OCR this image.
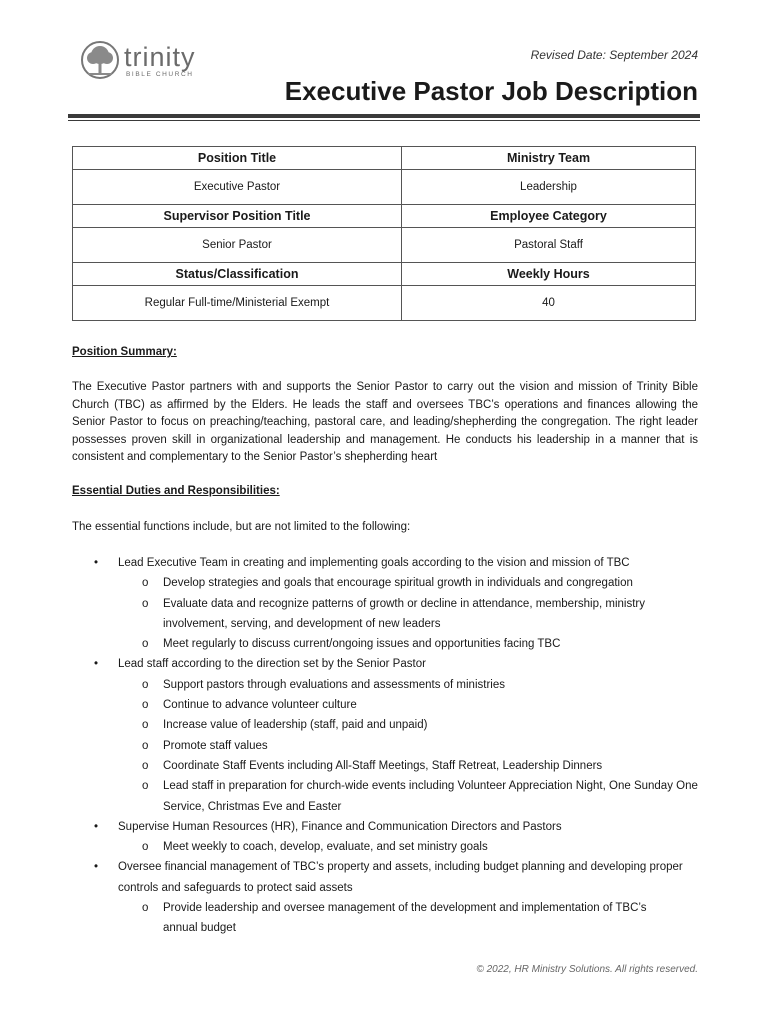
trinity
BIBLE CHURCH
Revised Date: September 2024
Executive Pastor Job Description
Position Title	Ministry Team
Executive Pastor	Leadership
Supervisor Position Title	Employee Category
Senior Pastor	Pastoral Staff
Status/Classification	Weekly Hours
Regular Full-time/Ministerial Exempt	40
Position Summary:
The Executive Pastor partners with and supports the Senior Pastor to carry out the vision and mission of Trinity Bible Church (TBC) as affirmed by the Elders. He leads the staff and oversees TBC’s operations and finances allowing the Senior Pastor to focus on preaching/teaching, pastoral care, and leading/shepherding the congregation. The right leader possesses proven skill in organizational leadership and management. He conducts his leadership in a manner that is consistent and complementary to the Senior Pastor’s shepherding heart
Essential Duties and Responsibilities:
The essential functions include, but are not limited to the following:
• Lead Executive Team in creating and implementing goals according to the vision and mission of TBC
o Develop strategies and goals that encourage spiritual growth in individuals and congregation
o Evaluate data and recognize patterns of growth or decline in attendance, membership, ministry involvement, serving, and development of new leaders
o Meet regularly to discuss current/ongoing issues and opportunities facing TBC
• Lead staff according to the direction set by the Senior Pastor
o Support pastors through evaluations and assessments of ministries
o Continue to advance volunteer culture
o Increase value of leadership (staff, paid and unpaid)
o Promote staff values
o Coordinate Staff Events including All-Staff Meetings, Staff Retreat, Leadership Dinners
o Lead staff in preparation for church-wide events including Volunteer Appreciation Night, One Sunday One Service, Christmas Eve and Easter
• Supervise Human Resources (HR), Finance and Communication Directors and Pastors
o Meet weekly to coach, develop, evaluate, and set ministry goals
• Oversee financial management of TBC’s property and assets, including budget planning and developing proper controls and safeguards to protect said assets
o Provide leadership and oversee management of the development and implementation of TBC’s annual budget
© 2022, HR Ministry Solutions. All rights reserved.
